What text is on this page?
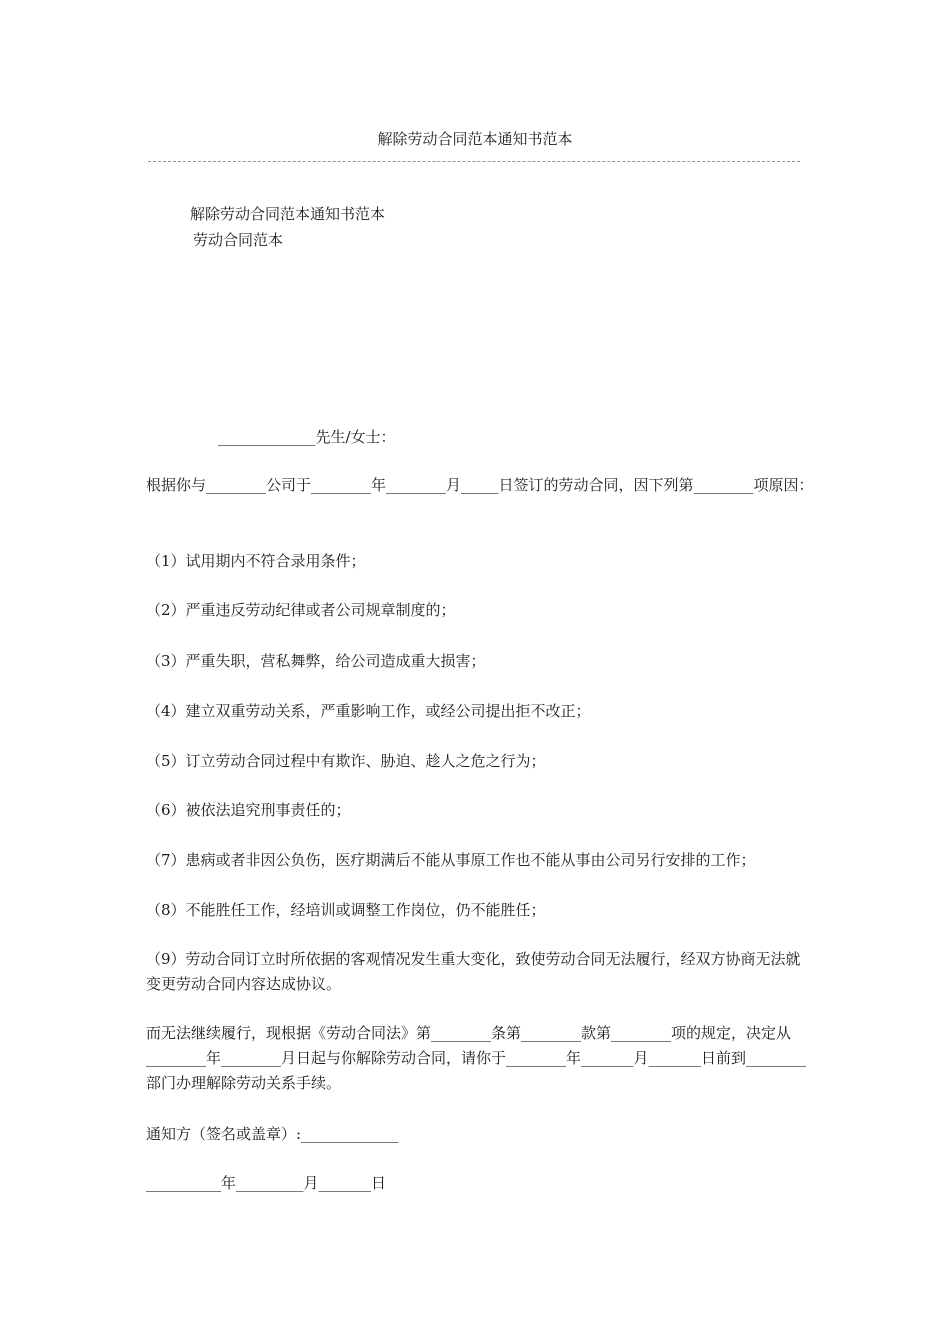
解除劳动合同范本通知书范本
解除劳动合同范本通知书范本
劳动合同范本
_____________先生/女士：
根据你与________公司于________年________月_____日签订的劳动合同，因下列第________项原因：
（1）试用期内不符合录用条件；
（2）严重违反劳动纪律或者公司规章制度的；
（3）严重失职，营私舞弊，给公司造成重大损害；
（4）建立双重劳动关系，严重影响工作，或经公司提出拒不改正；
（5）订立劳动合同过程中有欺诈、胁迫、趁人之危之行为；
（6）被依法追究刑事责任的；
（7）患病或者非因公负伤，医疗期满后不能从事原工作也不能从事由公司另行安排的工作；
（8）不能胜任工作，经培训或调整工作岗位，仍不能胜任；
（9）劳动合同订立时所依据的客观情况发生重大变化，致使劳动合同无法履行，经双方协商无法就变更劳动合同内容达成协议。
而无法继续履行，现根据《劳动合同法》第________条第________款第________项的规定，决定从________年________月日起与你解除劳动合同，请你于________年_______月_______日前到________部门办理解除劳动关系手续。
通知方（签名或盖章）:_____________
__________年_________月_______日
